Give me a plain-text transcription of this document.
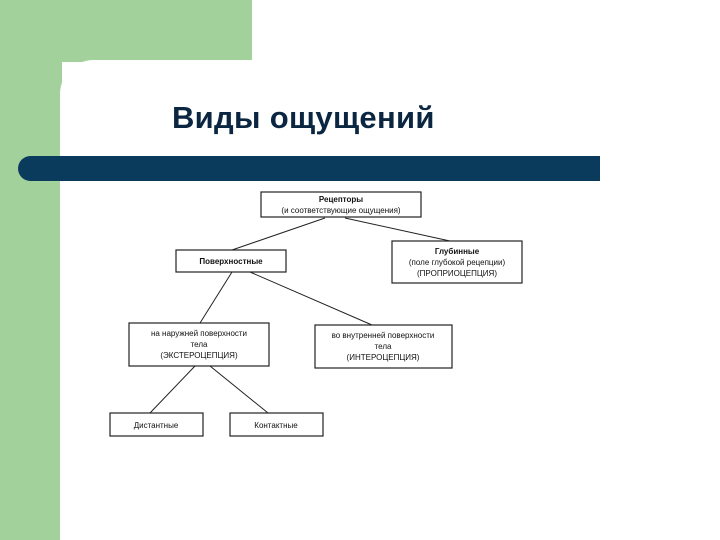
Виды ощущений
Рецепторы
(и соответствующие ощущения)
Поверхностные
Глубинные
(поле глубокой рецепции)
(ПРОПРИОЦЕПЦИЯ)
на наружней поверхности
тела
(ЭКСТЕРОЦЕПЦИЯ)
во внутренней поверхности
тела
(ИНТЕРОЦЕПЦИЯ)
Дистантные	Контактные
